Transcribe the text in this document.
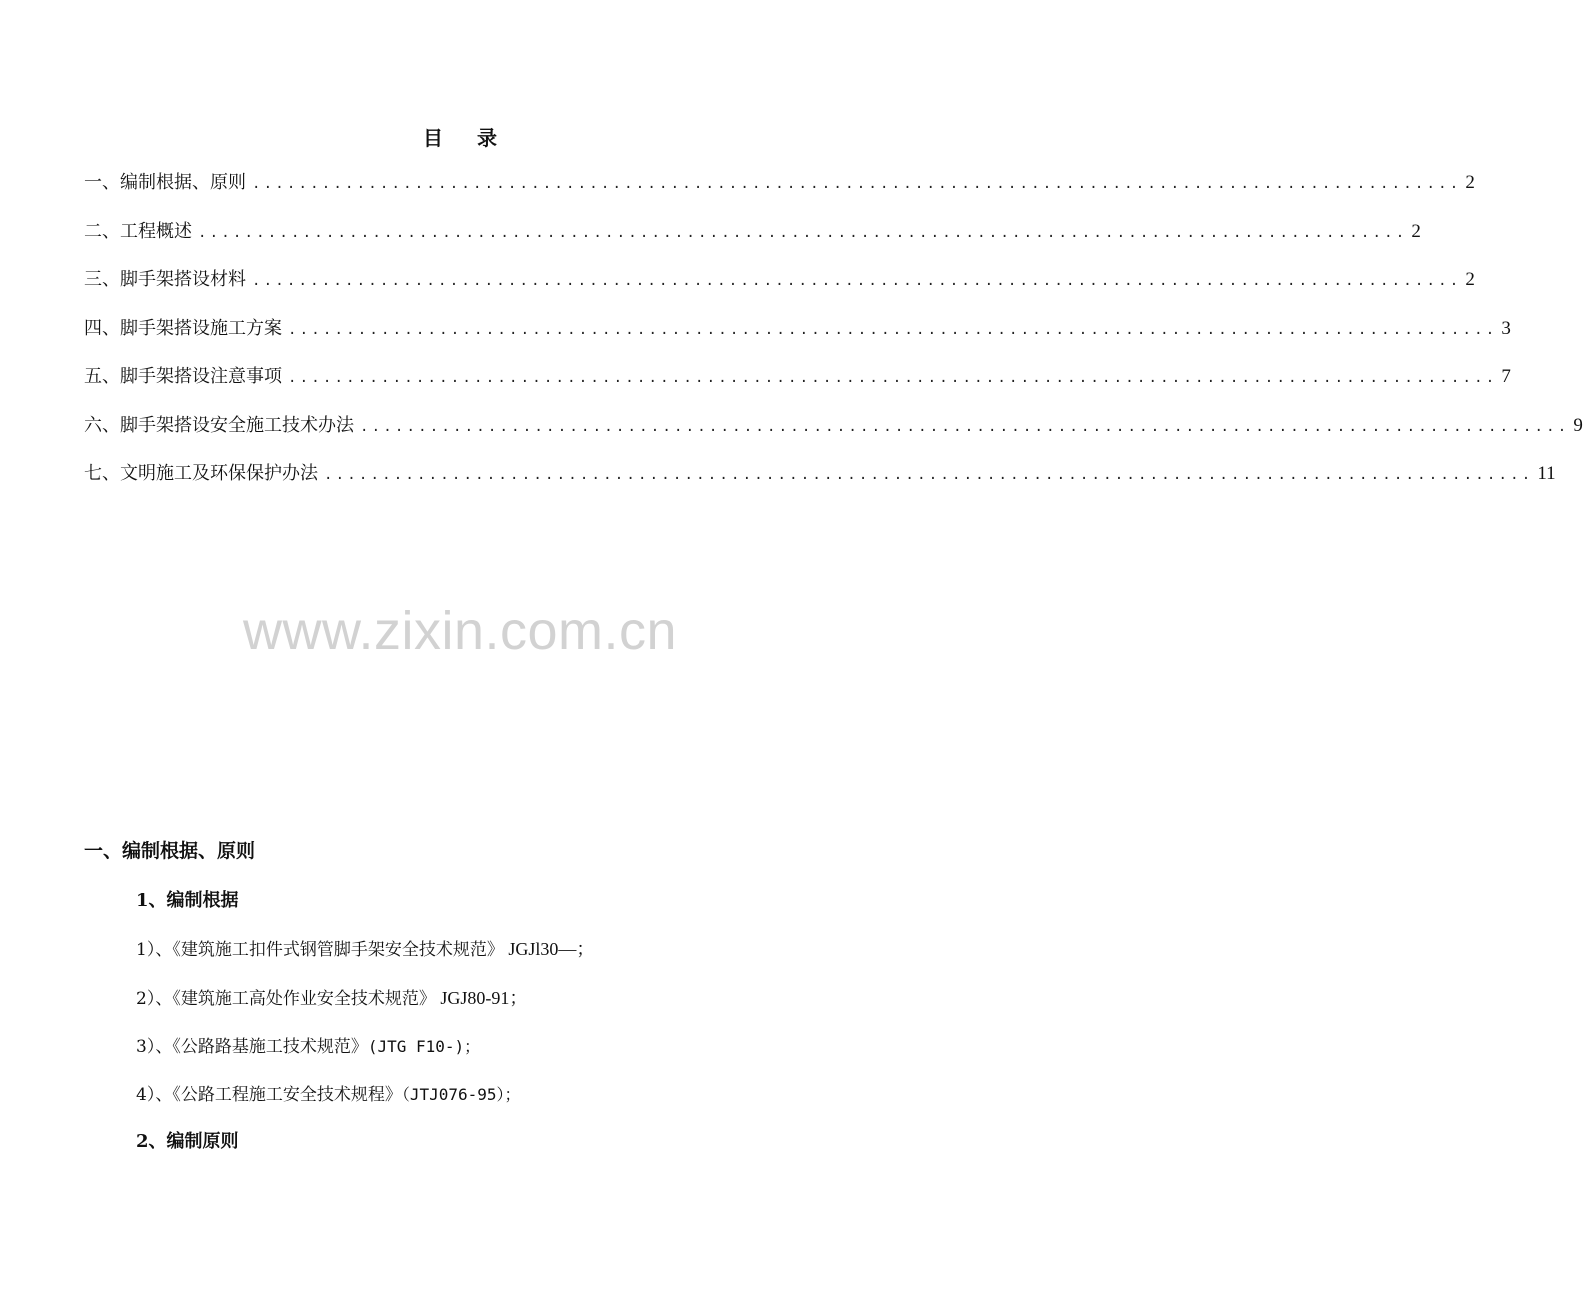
目 录
一、编制根据、原则 ........................................................................................................ 2
二、工程概述 ........................................................................................................ 2
三、脚手架搭设材料 ........................................................................................................ 2
四、脚手架搭设施工方案 ........................................................................................................ 3
五、脚手架搭设注意事项 ........................................................................................................ 7
六、脚手架搭设安全施工技术办法 ........................................................................................................ 9
七、文明施工及环保保护办法 ........................................................................................................ 11
www.zixin.com.cn
一、编制根据、原则
1、编制根据
1）、《建筑施工扣件式钢管脚手架安全技术规范》 JGJl30—；
2）、《建筑施工高处作业安全技术规范》 JGJ80-91；
3）、《公路路基施工技术规范》(JTG F10-)；
4）、《公路工程施工安全技术规程》（JTJ076-95）；
2、编制原则
